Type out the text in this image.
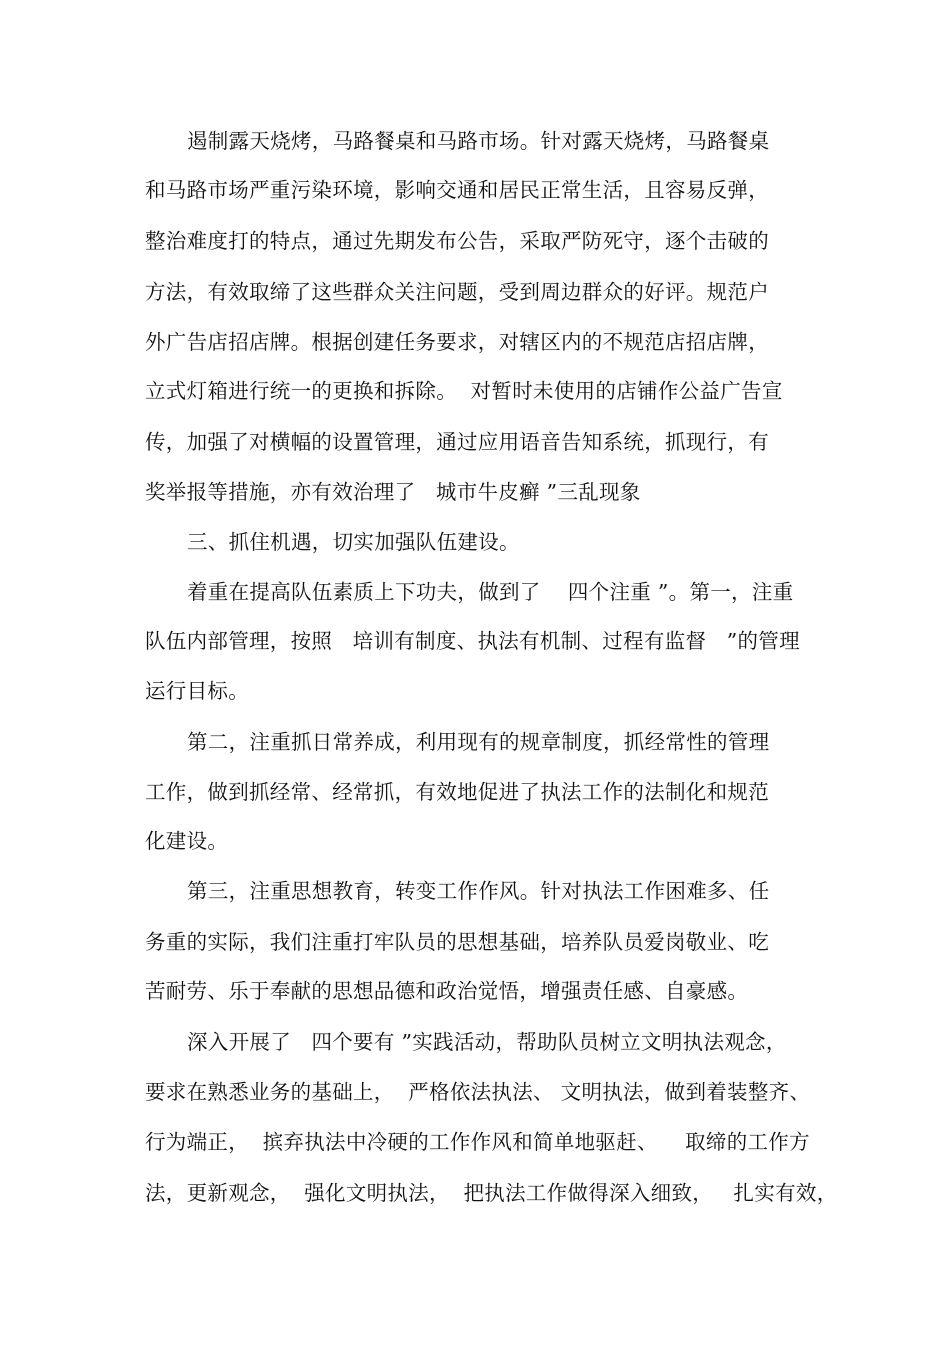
遏制露天烧烤，马路餐桌和马路市场。针对露天烧烤，马路餐桌
和马路市场严重污染环境，影响交通和居民正常生活，且容易反弹，
整治难度打的特点，通过先期发布公告，采取严防死守，逐个击破的
方法，有效取缔了这些群众关注问题，受到周边群众的好评。规范户
外广告店招店牌。根据创建任务要求，对辖区内的不规范店招店牌，
立式灯箱进行统一的更换和拆除。  对暂时未使用的店铺作公益广告宣
传，加强了对横幅的设置管理，通过应用语音告知系统，抓现行，有
奖举报等措施，亦有效治理了   城市牛皮癣 ”三乱现象
三、抓住机遇，切实加强队伍建设。
着重在提高队伍素质上下功夫，做到了    四个注重 ”。第一，注重
队伍内部管理，按照   培训有制度、执法有机制、过程有监督   ”的管理
运行目标。
第二，注重抓日常养成，利用现有的规章制度，抓经常性的管理
工作，做到抓经常、经常抓，有效地促进了执法工作的法制化和规范
化建设。
第三，注重思想教育，转变工作作风。针对执法工作困难多、任
务重的实际，我们注重打牢队员的思想基础，培养队员爱岗敬业、吃
苦耐劳、乐于奉献的思想品德和政治觉悟，增强责任感、自豪感。
深入开展了   四个要有 ”实践活动，帮助队员树立文明执法观念，
要求在熟悉业务的基础上，  严格依法执法、 文明执法，做到着装整齐、
行为端正，  摈弃执法中冷硬的工作作风和简单地驱赶、    取缔的工作方
法，更新观念，  强化文明执法，  把执法工作做得深入细致，   扎实有效，
